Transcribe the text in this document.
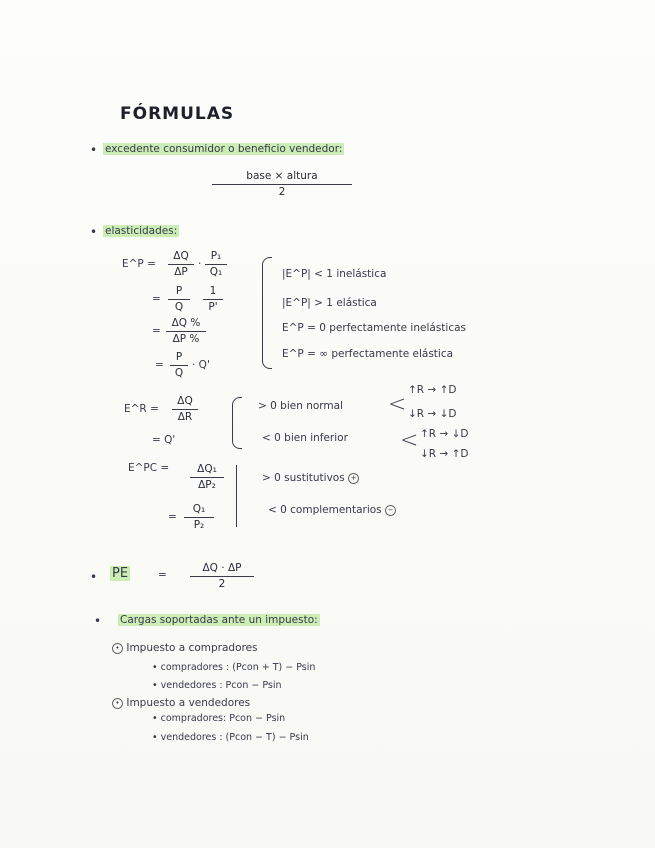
FÓRMULAS
• excedente consumidor o beneficio vendedor:
base × altura
2
• elasticidades:
E^P =
ΔQ
ΔP
·
P₁
Q₁
=
P
Q
1
P'
=
ΔQ %
ΔP %
=
P
Q
· Q'
|E^P| < 1 inelástica
|E^P| > 1 elástica
E^P = 0 perfectamente inelásticas
E^P = ∞ perfectamente elástica
E^R =
ΔQ
ΔR
= Q'
> 0 bien normal <
↑R → ↑D
↓R → ↓D
< 0 bien inferior < ↑R → ↓D
↓R → ↑D
E^PC =	ΔQ₁
ΔP₂
=
Q₁
P₂
> 0 sustitutivos +
< 0 complementarios −
• PE	=
ΔQ · ΔP
2
• Cargas soportadas ante un impuesto:
• Impuesto a compradores
• compradores : (Pcon + T) − Psin
• vendedores : Pcon − Psin
• Impuesto a vendedores
• compradores: Pcon − Psin
• vendedores : (Pcon − T) − Psin
